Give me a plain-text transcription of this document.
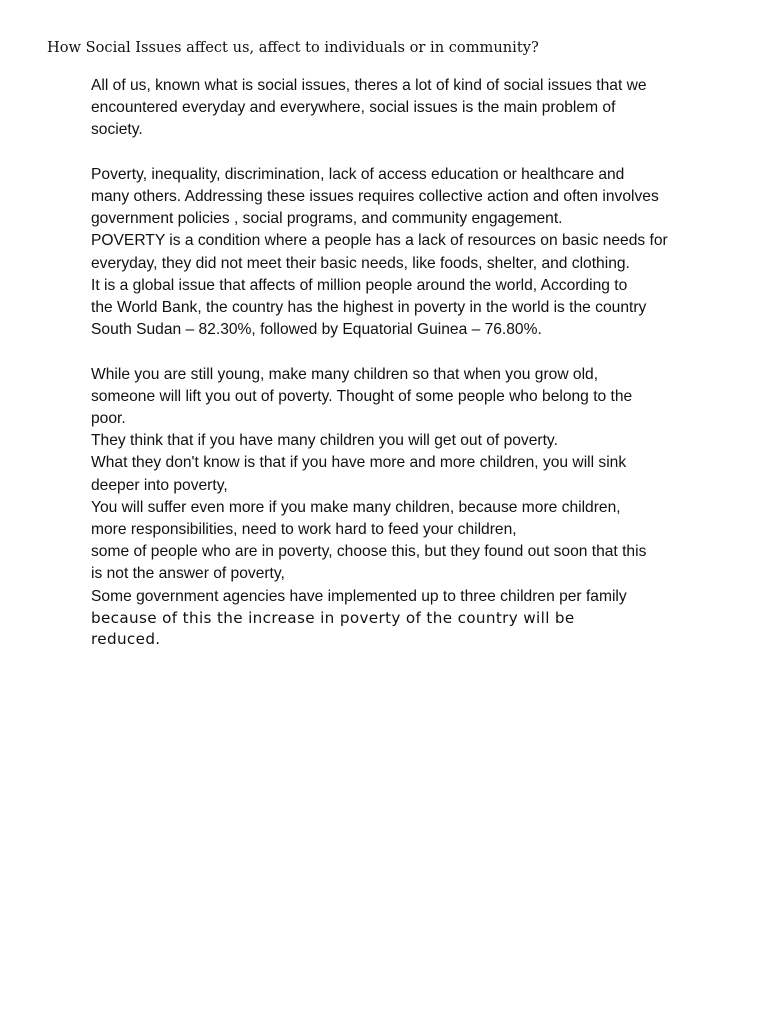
How Social Issues affect us, affect to individuals or in community?

All of us, known what is social issues, theres a lot of kind of social issues that we
encountered everyday and everywhere, social issues is the main problem of
society.

Poverty, inequality, discrimination, lack of access education or healthcare and
many others. Addressing these issues requires collective action and often involves
government policies , social programs, and community engagement.
POVERTY is a condition where a people has a lack of resources on basic needs for
everyday, they did not meet their basic needs, like foods, shelter, and clothing.
It is a global issue that affects of million people around the world, According to
the World Bank, the country has the highest in poverty in the world is the country
South Sudan – 82.30%, followed by Equatorial Guinea – 76.80%.

While you are still young, make many children so that when you grow old,
someone will lift you out of poverty. Thought of some people who belong to the
poor.
They think that if you have many children you will get out of poverty.
What they don't know is that if you have more and more children, you will sink
deeper into poverty,
You will suffer even more if you make many children, because more children,
more responsibilities, need to work hard to feed your children,
some of people who are in poverty, choose this, but they found out soon that this
is not the answer of poverty,
Some government agencies have implemented up to three children per family
because of this the increase in poverty of the country will be
reduced.
